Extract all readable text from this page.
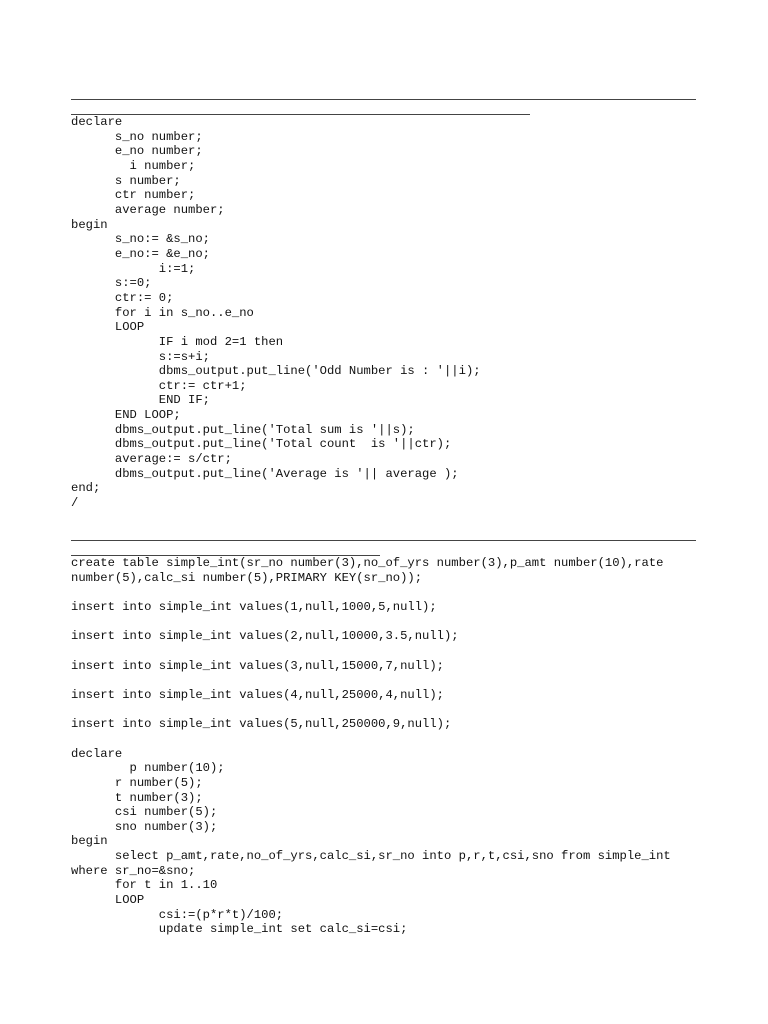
declare
s_no number;
e_no number;
i number;
s number;
ctr number;
average number;
begin
s_no:= &s_no;
e_no:= &e_no;
i:=1;
s:=0;
ctr:= 0;
for i in s_no..e_no
LOOP
IF i mod 2=1 then
s:=s+i;
dbms_output.put_line('Odd Number is : '||i);
ctr:= ctr+1;
END IF;
END LOOP;
dbms_output.put_line('Total sum is '||s);
dbms_output.put_line('Total count  is '||ctr);
average:= s/ctr;
dbms_output.put_line('Average is '|| average );
end;
/
create table simple_int(sr_no number(3),no_of_yrs number(3),p_amt number(10),rate
number(5),calc_si number(5),PRIMARY KEY(sr_no));

insert into simple_int values(1,null,1000,5,null);

insert into simple_int values(2,null,10000,3.5,null);

insert into simple_int values(3,null,15000,7,null);

insert into simple_int values(4,null,25000,4,null);

insert into simple_int values(5,null,250000,9,null);

declare
p number(10);
r number(5);
t number(3);
csi number(5);
sno number(3);
begin
select p_amt,rate,no_of_yrs,calc_si,sr_no into p,r,t,csi,sno from simple_int
where sr_no=&sno;
for t in 1..10
LOOP
csi:=(p*r*t)/100;
update simple_int set calc_si=csi;
